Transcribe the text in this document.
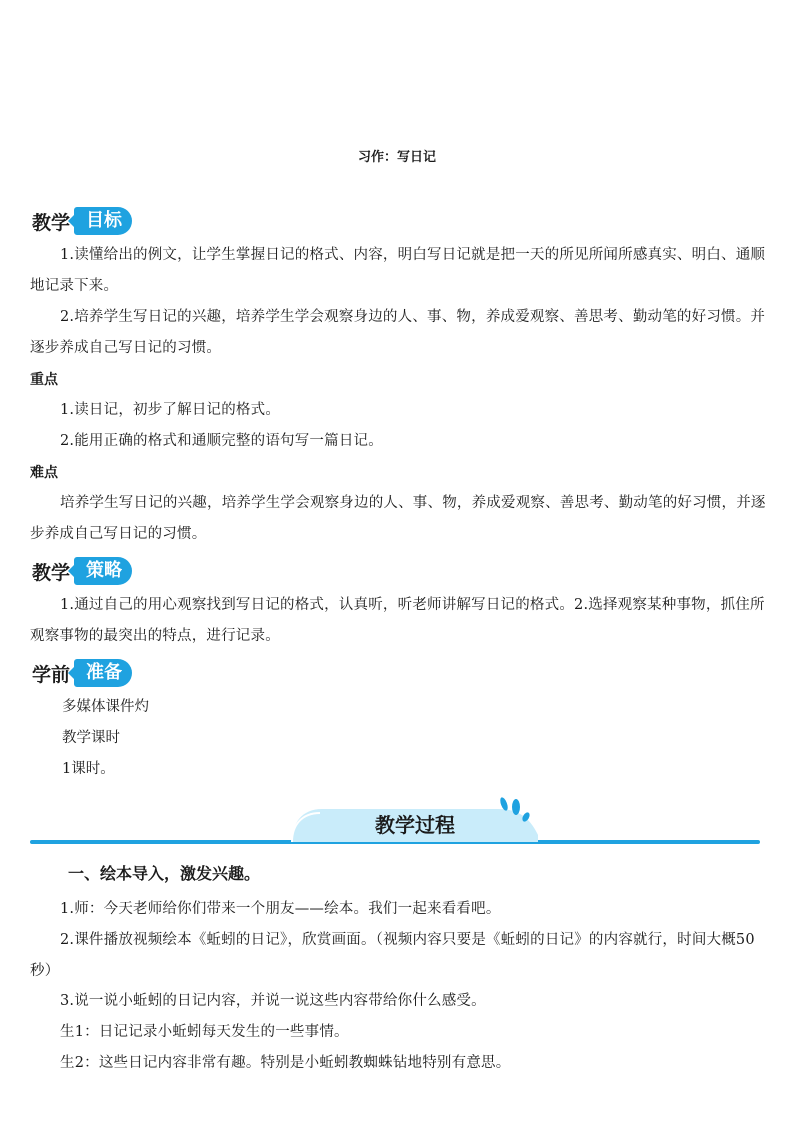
习作：写日记
教学 目标

1.读懂给出的例文，让学生掌握日记的格式、内容，明白写日记就是把一天的所见所闻所感真实、明白、通顺地记录下来。

2.培养学生写日记的兴趣，培养学生学会观察身边的人、事、物，养成爱观察、善思考、勤动笔的好习惯。并逐步养成自己写日记的习惯。

重点

1.读日记，初步了解日记的格式。

2.能用正确的格式和通顺完整的语句写一篇日记。

难点

培养学生写日记的兴趣，培养学生学会观察身边的人、事、物，养成爱观察、善思考、勤动笔的好习惯，并逐步养成自己写日记的习惯。

教学 策略

1.通过自己的用心观察找到写日记的格式，认真听，听老师讲解写日记的格式。2.选择观察某种事物，抓住所观察事物的最突出的特点，进行记录。

学前 准备
多媒体课件灼
教学课时
1课时。
教学过程
一、绘本导入，激发兴趣。

1.师：今天老师给你们带来一个朋友——绘本。我们一起来看看吧。

2.课件播放视频绘本《蚯蚓的日记》，欣赏画面。（视频内容只要是《蚯蚓的日记》的内容就行，时间大概50秒）

3.说一说小蚯蚓的日记内容，并说一说这些内容带给你什么感受。

生1：日记记录小蚯蚓每天发生的一些事情。

生2：这些日记内容非常有趣。特别是小蚯蚓教蜘蛛钻地特别有意思。
